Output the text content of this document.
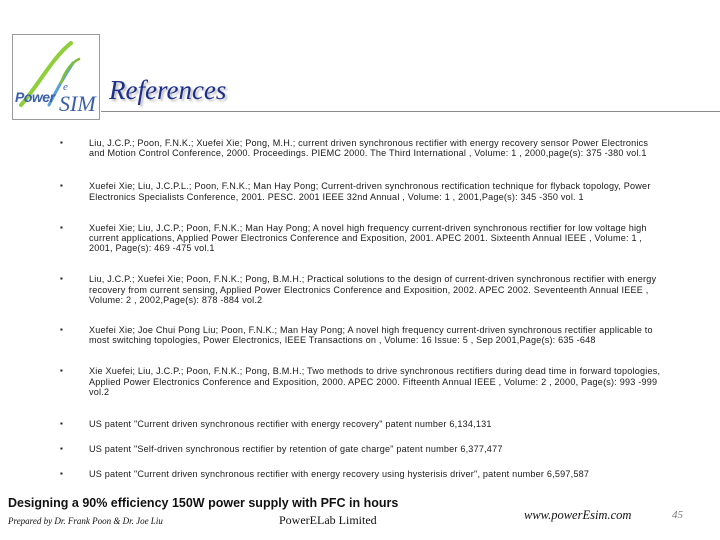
Power
e
SIM References
▪	Liu, J.C.P.; Poon, F.N.K.; Xuefei Xie; Pong, M.H.; current driven synchronous rectifier with energy recovery sensor Power Electronics and Motion Control Conference, 2000. Proceedings. PIEMC 2000. The Third International , Volume: 1 , 2000,page(s): 375 -380 vol.1
▪	Xuefei Xie; Liu, J.C.P.L.; Poon, F.N.K.; Man Hay Pong; Current-driven synchronous rectification technique for flyback topology, Power Electronics Specialists Conference, 2001. PESC. 2001 IEEE 32nd Annual , Volume: 1 , 2001,Page(s): 345 -350 vol. 1
▪	Xuefei Xie; Liu, J.C.P.; Poon, F.N.K.; Man Hay Pong; A novel high frequency current-driven synchronous rectifier for low voltage high current applications, Applied Power Electronics Conference and Exposition, 2001. APEC 2001. Sixteenth Annual IEEE , Volume: 1 , 2001, Page(s): 469 -475 vol.1
▪	Liu, J.C.P.; Xuefei Xie; Poon, F.N.K.; Pong, B.M.H.; Practical solutions to the design of current-driven synchronous rectifier with energy recovery from current sensing, Applied Power Electronics Conference and Exposition, 2002. APEC 2002. Seventeenth Annual IEEE , Volume: 2 , 2002,Page(s): 878 -884 vol.2
▪	Xuefei Xie; Joe Chui Pong Liu; Poon, F.N.K.; Man Hay Pong; A novel high frequency current-driven synchronous rectifier applicable to most switching topologies, Power Electronics, IEEE Transactions on , Volume: 16 Issue: 5 , Sep 2001,Page(s): 635 -648
▪	Xie Xuefei; Liu, J.C.P.; Poon, F.N.K.; Pong, B.M.H.; Two methods to drive synchronous rectifiers during dead time in forward topologies, Applied Power Electronics Conference and Exposition, 2000. APEC 2000. Fifteenth Annual IEEE , Volume: 2 , 2000, Page(s): 993 -999 vol.2
▪	US patent "Current driven synchronous rectifier with energy recovery" patent number 6,134,131
▪	US patent "Self-driven synchronous rectifier by retention of gate charge" patent number 6,377,477
▪	US patent "Current driven synchronous rectifier with energy recovery using hysterisis driver", patent number 6,597,587
Designing a 90% efficiency 150W power supply with PFC in hours
Prepared by Dr. Frank Poon & Dr. Joe Liu	PowerELab Limited	www.powerEsim.com	45
